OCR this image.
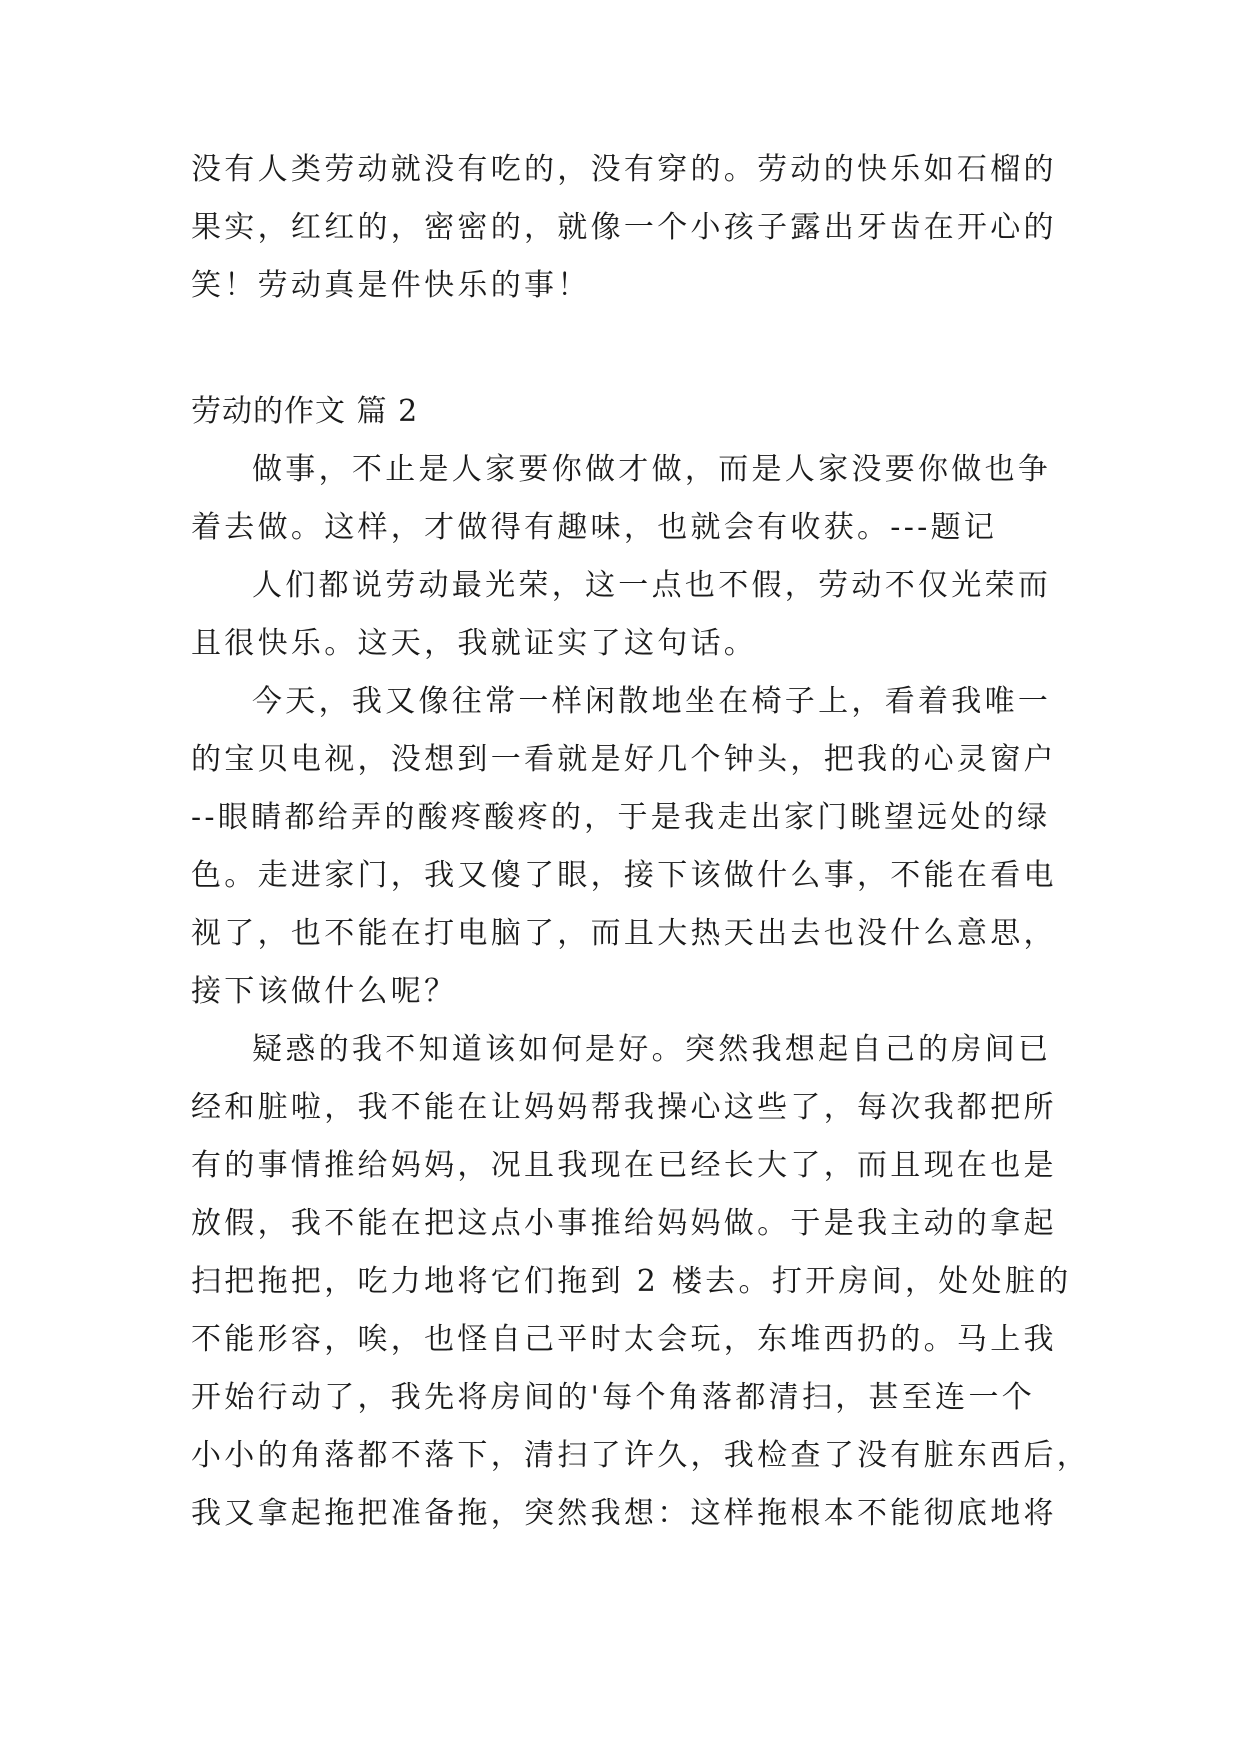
没有人类劳动就没有吃的，没有穿的。劳动的快乐如石榴的

果实，红红的，密密的，就像一个小孩子露出牙齿在开心的

笑！劳动真是件快乐的事！

劳动的作文 篇 2

做事，不止是人家要你做才做，而是人家没要你做也争

着去做。这样，才做得有趣味，也就会有收获。---题记

人们都说劳动最光荣，这一点也不假，劳动不仅光荣而

且很快乐。这天，我就证实了这句话。

今天，我又像往常一样闲散地坐在椅子上，看着我唯一

的宝贝电视，没想到一看就是好几个钟头，把我的心灵窗户

--眼睛都给弄的酸疼酸疼的，于是我走出家门眺望远处的绿

色。走进家门，我又傻了眼，接下该做什么事，不能在看电

视了，也不能在打电脑了，而且大热天出去也没什么意思，

接下该做什么呢？

疑惑的我不知道该如何是好。突然我想起自己的房间已

经和脏啦，我不能在让妈妈帮我操心这些了，每次我都把所

有的事情推给妈妈，况且我现在已经长大了，而且现在也是

放假，我不能在把这点小事推给妈妈做。于是我主动的拿起

扫把拖把，吃力地将它们拖到 2 楼去。打开房间，处处脏的

不能形容，唉，也怪自己平时太会玩，东堆西扔的。马上我

开始行动了，我先将房间的'每个角落都清扫，甚至连一个

小小的角落都不落下，清扫了许久，我检查了没有脏东西后，

我又拿起拖把准备拖，突然我想：这样拖根本不能彻底地将
